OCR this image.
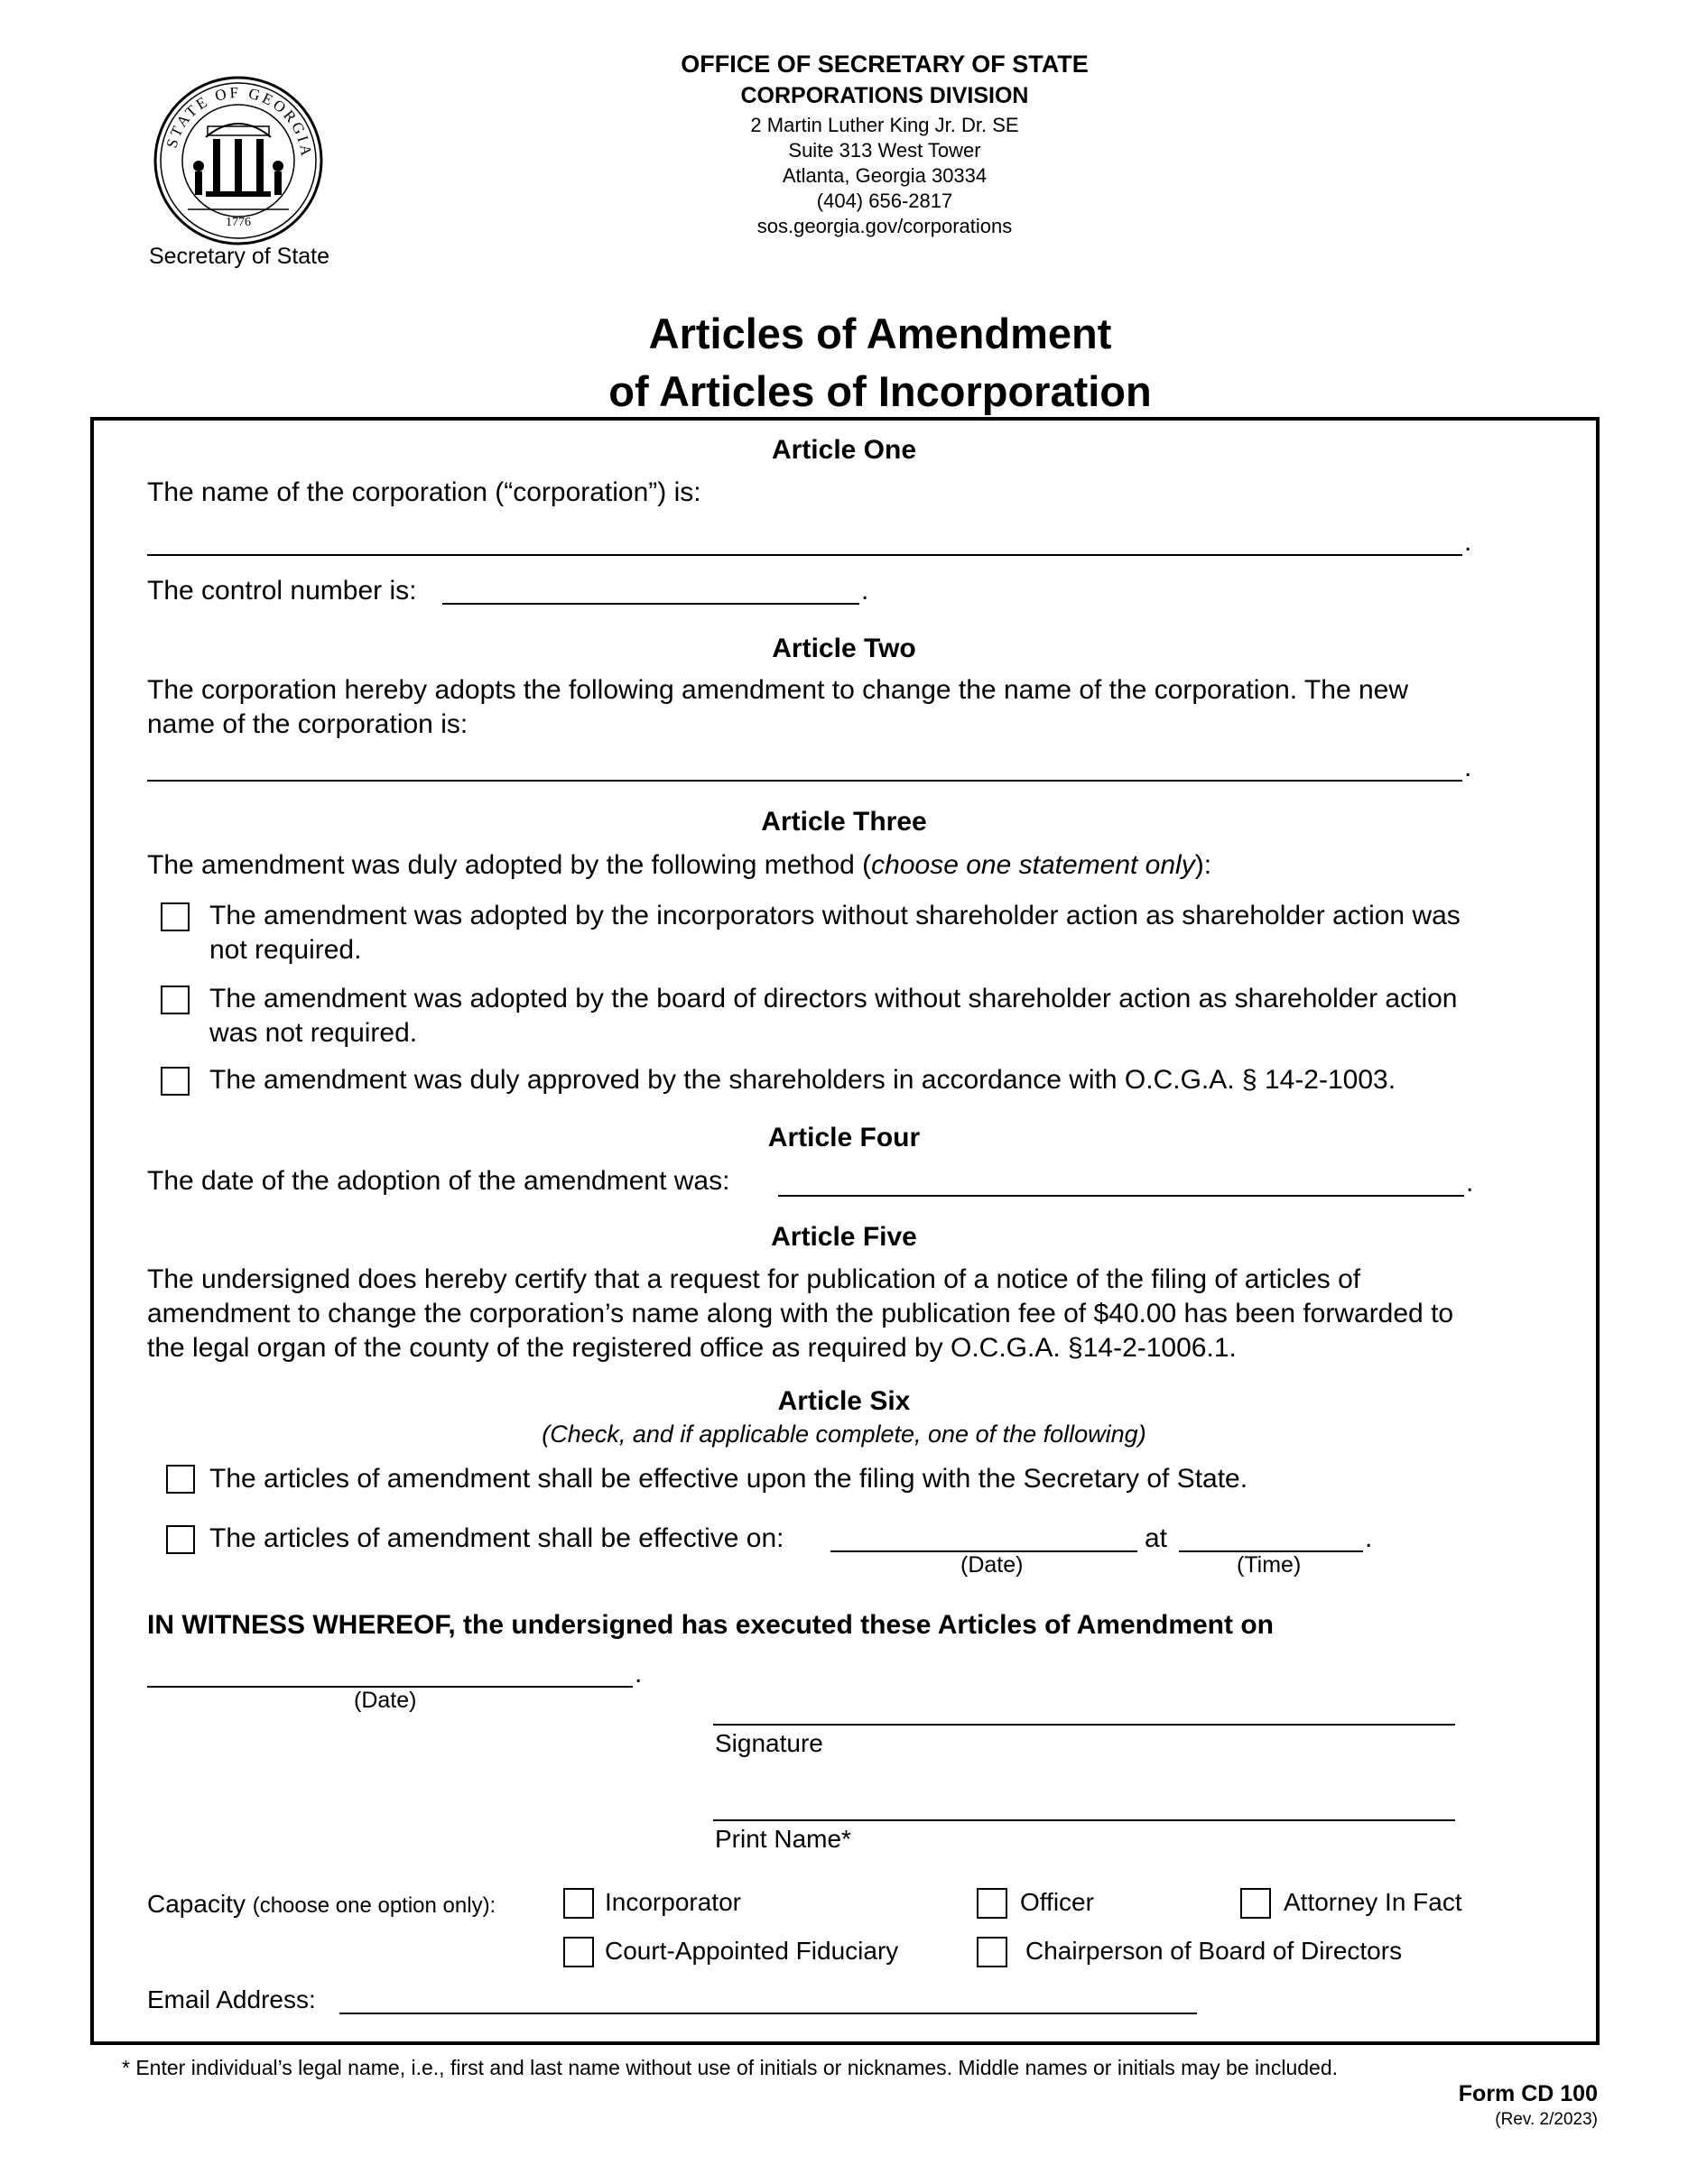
STATE OF GEORGIA
1776
Secretary of State
OFFICE OF SECRETARY OF STATE
CORPORATIONS DIVISION
2 Martin Luther King Jr. Dr. SE
Suite 313 West Tower
Atlanta, Georgia 30334
(404) 656-2817
sos.georgia.gov/corporations
Articles of Amendment
of Articles of Incorporation
Article One
The name of the corporation (“corporation”) is:
.
The control number is:	.
Article Two
The corporation hereby adopts the following amendment to change the name of the corporation. The new
name of the corporation is:
.
Article Three
The amendment was duly adopted by the following method (choose one statement only):
The amendment was adopted by the incorporators without shareholder action as shareholder action was
not required.
The amendment was adopted by the board of directors without shareholder action as shareholder action
was not required.
The amendment was duly approved by the shareholders in accordance with O.C.G.A. § 14-2-1003.
Article Four
The date of the adoption of the amendment was:	.
Article Five
The undersigned does hereby certify that a request for publication of a notice of the filing of articles of
amendment to change the corporation’s name along with the publication fee of $40.00 has been forwarded to
the legal organ of the county of the registered office as required by O.C.G.A. §14-2-1006.1.
Article Six
(Check, and if applicable complete, one of the following)
The articles of amendment shall be effective upon the filing with the Secretary of State.
The articles of amendment shall be effective on:	at	.
(Date)	(Time)
IN WITNESS WHEREOF, the undersigned has executed these Articles of Amendment on
.
(Date)
Signature
Print Name*
Capacity (choose one option only):	Incorporator	Officer	Attorney In Fact
Court-Appointed Fiduciary	Chairperson of Board of Directors
Email Address:
* Enter individual’s legal name, i.e., first and last name without use of initials or nicknames. Middle names or initials may be included.
Form CD 100
(Rev. 2/2023)
